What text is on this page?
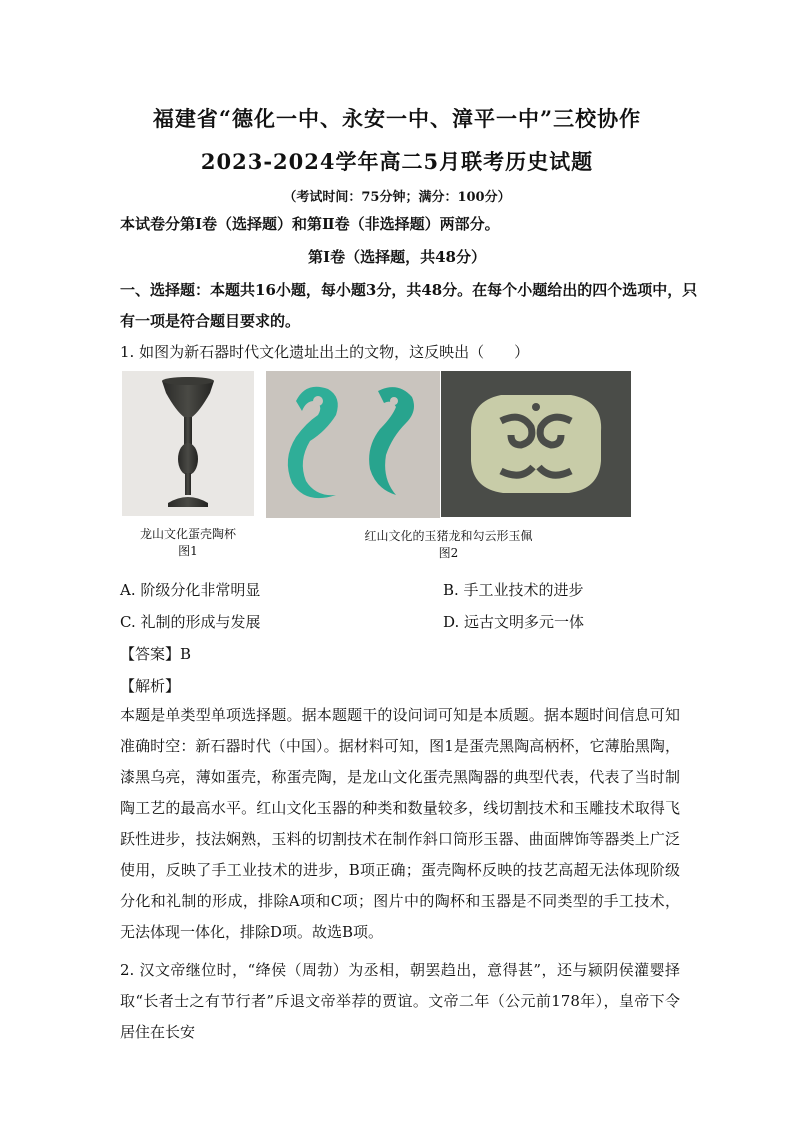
福建省“德化一中、永安一中、漳平一中”三校协作
2023-2024学年高二5月联考历史试题
（考试时间：75分钟；满分：100分）
本试卷分第Ⅰ卷（选择题）和第Ⅱ卷（非选择题）两部分。
第Ⅰ卷（选择题，共48分）
一、选择题：本题共16小题，每小题3分，共48分。在每个小题给出的四个选项中，只
有一项是符合题目要求的。
1. 如图为新石器时代文化遗址出土的文物，这反映出（　　）
龙山文化蛋壳陶杯
图1
红山文化的玉猪龙和勾云形玉佩
图2
A. 阶级分化非常明显	B. 手工业技术的进步
C. 礼制的形成与发展	D. 远古文明多元一体
【答案】B
【解析】
本题是单类型单项选择题。据本题题干的设问词可知是本质题。据本题时间信息可知准确时空：新石器时代（中国）。据材料可知，图1是蛋壳黑陶高柄杯，它薄胎黑陶，漆黑乌亮，薄如蛋壳，称蛋壳陶，是龙山文化蛋壳黑陶器的典型代表，代表了当时制陶工艺的最高水平。红山文化玉器的种类和数量较多，线切割技术和玉雕技术取得飞跃性进步，技法娴熟，玉料的切割技术在制作斜口筒形玉器、曲面牌饰等器类上广泛使用，反映了手工业技术的进步，B项正确；蛋壳陶杯反映的技艺高超无法体现阶级分化和礼制的形成，排除A项和C项；图片中的陶杯和玉器是不同类型的手工技术，无法体现一体化，排除D项。故选B项。
2. 汉文帝继位时，“绛侯（周勃）为丞相，朝罢趋出，意得甚”，还与颍阴侯灌婴择取“长者士之有节行者”斥退文帝举荐的贾谊。文帝二年（公元前178年），皇帝下令居住在长安
